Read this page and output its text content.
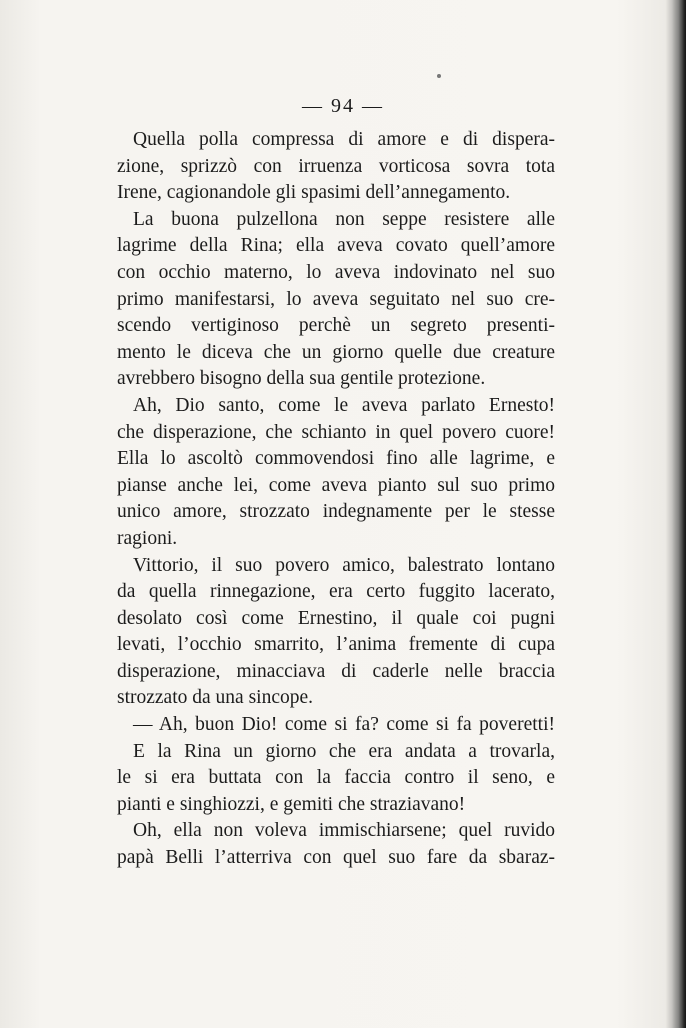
— 94 —
Quella polla compressa di amore e di dispera-
zione, sprizzò con irruenza vorticosa sovra tota
Irene, cagionandole gli spasimi dell’annegamento.
La buona pulzellona non seppe resistere alle
lagrime della Rina; ella aveva covato quell’amore
con occhio materno, lo aveva indovinato nel suo
primo manifestarsi, lo aveva seguitato nel suo cre-
scendo vertiginoso perchè un segreto presenti-
mento le diceva che un giorno quelle due creature
avrebbero bisogno della sua gentile protezione.
Ah, Dio santo, come le aveva parlato Ernesto!
che disperazione, che schianto in quel povero cuore!
Ella lo ascoltò commovendosi fino alle lagrime, e
pianse anche lei, come aveva pianto sul suo primo
unico amore, strozzato indegnamente per le stesse
ragioni.
Vittorio, il suo povero amico, balestrato lontano
da quella rinnegazione, era certo fuggito lacerato,
desolato così come Ernestino, il quale coi pugni
levati, l’occhio smarrito, l’anima fremente di cupa
disperazione, minacciava di caderle nelle braccia
strozzato da una sincope.
— Ah, buon Dio! come si fa? come si fa poveretti!
E la Rina un giorno che era andata a trovarla,
le si era buttata con la faccia contro il seno, e
pianti e singhiozzi, e gemiti che straziavano!
Oh, ella non voleva immischiarsene; quel ruvido
papà Belli l’atterriva con quel suo fare da sbaraz-
